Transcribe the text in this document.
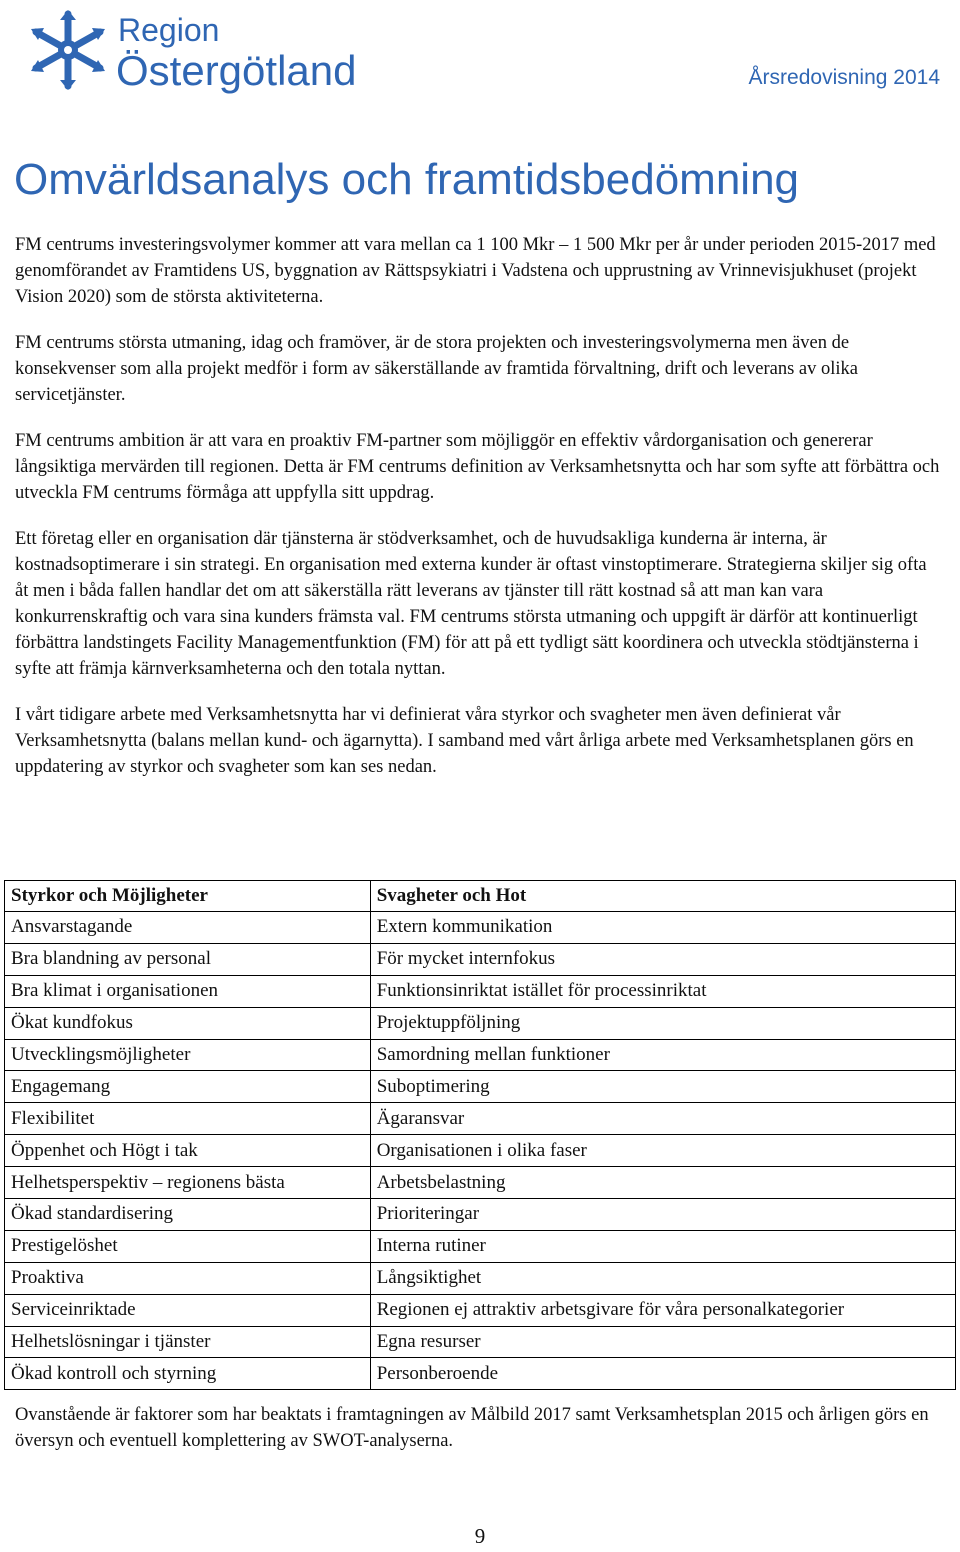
Region
Östergötland	Årsredovisning 2014
Omvärldsanalys och framtidsbedömning

FM centrums investeringsvolymer kommer att vara mellan ca 1 100 Mkr – 1 500 Mkr per år under perioden 2015-2017 med genomförandet av Framtidens US, byggnation av Rättspsykiatri i Vadstena och upprustning av Vrinnevisjukhuset (projekt Vision 2020) som de största aktiviteterna.

FM centrums största utmaning, idag och framöver, är de stora projekten och investeringsvolymerna men även de konsekvenser som alla projekt medför i form av säkerställande av framtida förvaltning, drift och leverans av olika servicetjänster.

FM centrums ambition är att vara en proaktiv FM-partner som möjliggör en effektiv vårdorganisation och genererar långsiktiga mervärden till regionen. Detta är FM centrums definition av Verksamhetsnytta och har som syfte att förbättra och utveckla FM centrums förmåga att uppfylla sitt uppdrag.

Ett företag eller en organisation där tjänsterna är stödverksamhet, och de huvudsakliga kunderna är interna, är kostnadsoptimerare i sin strategi. En organisation med externa kunder är oftast vinstoptimerare. Strategierna skiljer sig ofta åt men i båda fallen handlar det om att säkerställa rätt leverans av tjänster till rätt kostnad så att man kan vara konkurrenskraftig och vara sina kunders främsta val. FM centrums största utmaning och uppgift är därför att kontinuerligt förbättra landstingets Facility Managementfunktion (FM) för att på ett tydligt sätt koordinera och utveckla stödtjänsterna i syfte att främja kärnverksamheterna och den totala nyttan.

I vårt tidigare arbete med Verksamhetsnytta har vi definierat våra styrkor och svagheter men även definierat vår Verksamhetsnytta (balans mellan kund- och ägarnytta). I samband med vårt årliga arbete med Verksamhetsplanen görs en uppdatering av styrkor och svagheter som kan ses nedan.

Styrkor och Möjligheter	Svagheter och Hot
Ansvarstagande	Extern kommunikation
Bra blandning av personal	För mycket internfokus
Bra klimat i organisationen	Funktionsinriktat istället för processinriktat
Ökat kundfokus	Projektuppföljning
Utvecklingsmöjligheter	Samordning mellan funktioner
Engagemang	Suboptimering
Flexibilitet	Ägaransvar
Öppenhet och Högt i tak	Organisationen i olika faser
Helhetsperspektiv – regionens bästa	Arbetsbelastning
Ökad standardisering	Prioriteringar
Prestigelöshet	Interna rutiner
Proaktiva	Långsiktighet
Serviceinriktade	Regionen ej attraktiv arbetsgivare för våra personalkategorier
Helhetslösningar i tjänster	Egna resurser
Ökad kontroll och styrning	Personberoende

Ovanstående är faktorer som har beaktats i framtagningen av Målbild 2017 samt Verksamhetsplan 2015 och årligen görs en översyn och eventuell komplettering av SWOT-analyserna.

9
